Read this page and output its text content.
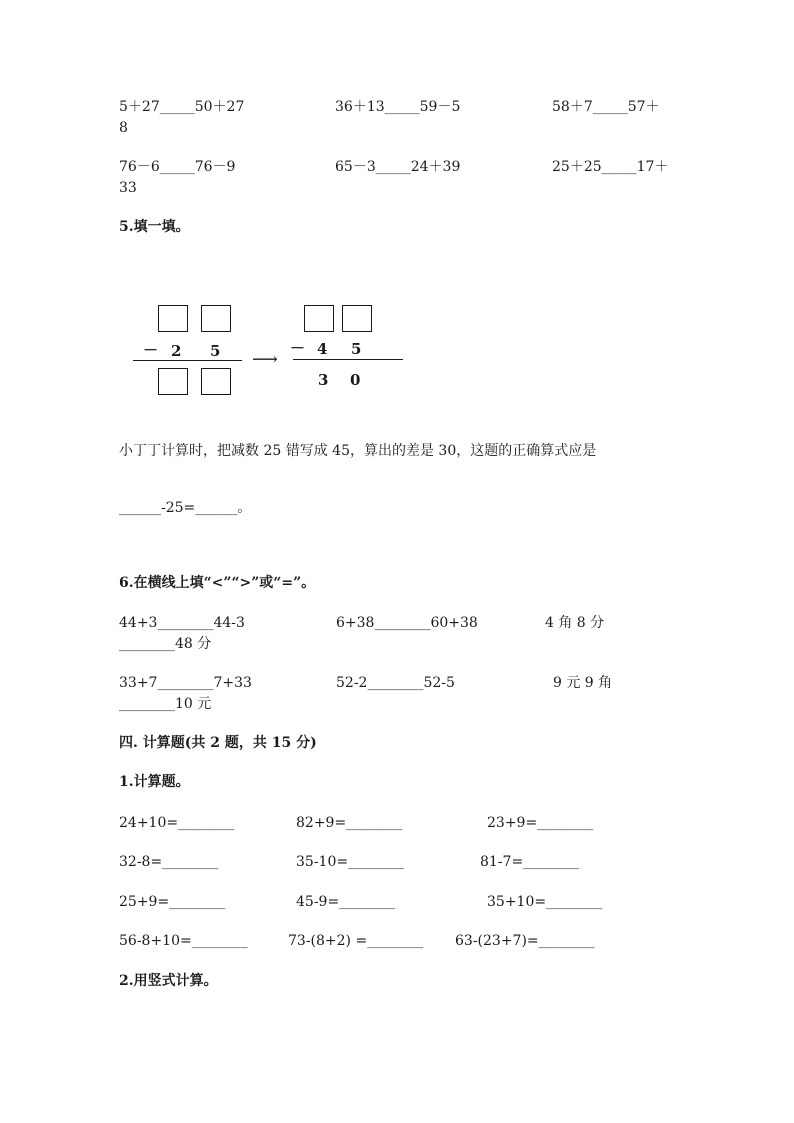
5＋27_____50＋27	36＋13_____59－5	58＋7_____57＋
8
76－6_____76－9	65－3_____24＋39	25＋25_____17＋
33
5.填一填。
－ 2 5 ⟶
－ 4 5
3 0
小丁丁计算时，把减数 25 错写成 45，算出的差是 30，这题的正确算式应是
______-25=______。
6.在横线上填“<”“>”或“=”。
44+3________44-3	6+38________60+38	4 角 8 分
________48 分
33+7________7+33	52-2________52-5	9 元 9 角
________10 元
四. 计算题(共 2 题，共 15 分)
1.计算题。
24+10=________	82+9=________	23+9=________
32-8=________	35-10=________	81-7=________
25+9=________	45-9=________	35+10=________
56-8+10=________	73-(8+2) =________ 63-(23+7)=________
2.用竖式计算。
